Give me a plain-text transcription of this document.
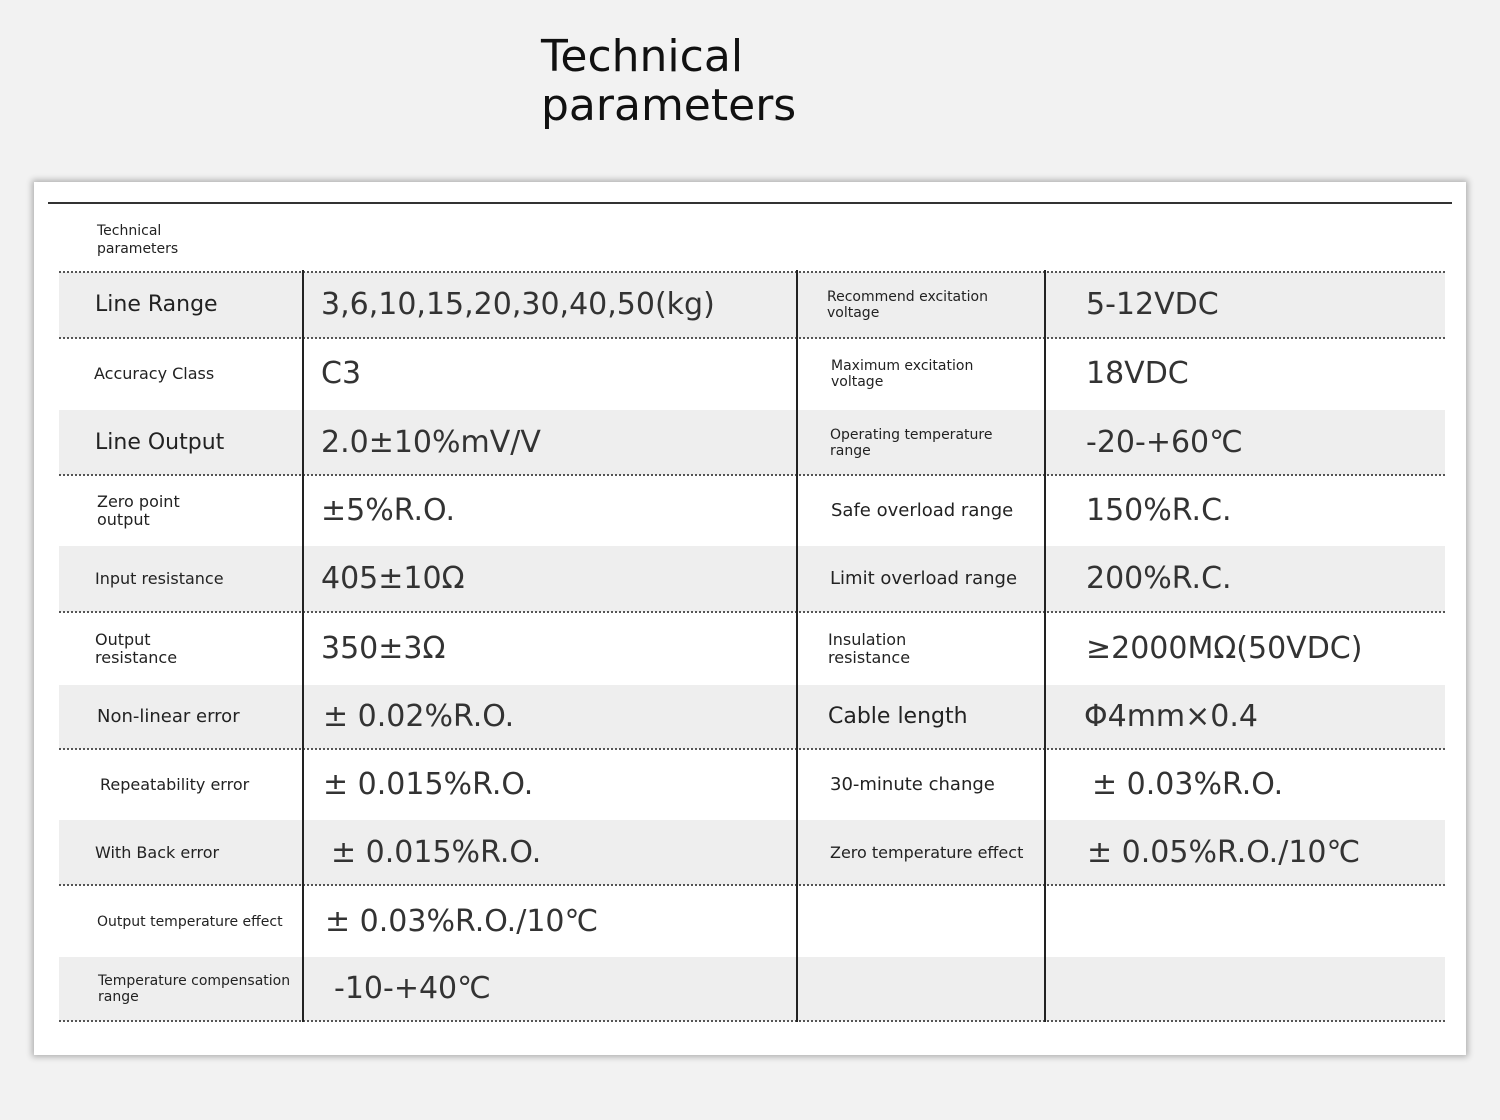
Technical
parameters
Technical
parameters
Line Range	3,6,10,15,20,30,40,50(kg)	Recommend excitation
voltage	5-12VDC
Accuracy Class	C3	Maximum excitation
voltage	18VDC
Line Output	2.0±10%mV/V	Operating temperature
range	-20-+60℃
Zero point
output	±5%R.O.	Safe overload range 150%R.C.
Input resistance	405±10Ω	Limit overload range 200%R.C.
Output
resistance	350±3Ω	Insulation
resistance	≥2000MΩ(50VDC)
Non-linear error	± 0.02%R.O.	Cable length	Φ4mm×0.4
Repeatability error ± 0.015%R.O.	30-minute change	± 0.03%R.O.
With Back error	± 0.015%R.O.	Zero temperature effect ± 0.05%R.O./10℃
Output temperature effect ± 0.03%R.O./10℃
Temperature compensation
range	-10-+40℃
